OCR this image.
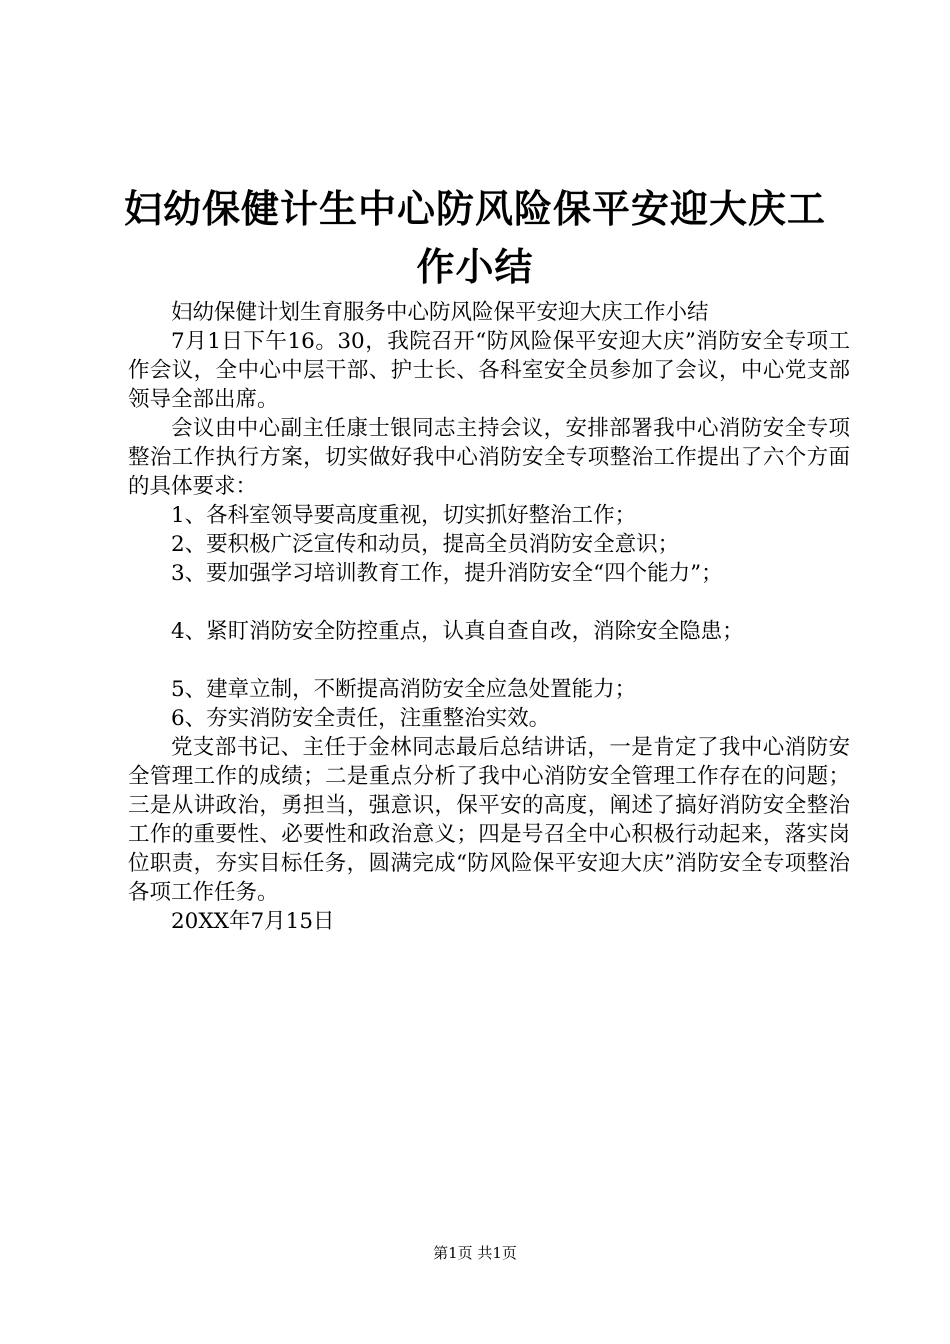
妇幼保健计生中心防风险保平安迎大庆工作小结

妇幼保健计划生育服务中心防风险保平安迎大庆工作小结

7月1日下午16。30，我院召开“防风险保平安迎大庆”消防安全专项工作会议，全中心中层干部、护士长、各科室安全员参加了会议，中心党支部领导全部出席。

会议由中心副主任康士银同志主持会议，安排部署我中心消防安全专项整治工作执行方案，切实做好我中心消防安全专项整治工作提出了六个方面的具体要求：

1、各科室领导要高度重视，切实抓好整治工作；

2、要积极广泛宣传和动员，提高全员消防安全意识；

3、要加强学习培训教育工作，提升消防安全“四个能力”；

4、紧盯消防安全防控重点，认真自查自改，消除安全隐患；

5、建章立制，不断提高消防安全应急处置能力；

6、夯实消防安全责任，注重整治实效。

党支部书记、主任于金林同志最后总结讲话，一是肯定了我中心消防安全管理工作的成绩；二是重点分析了我中心消防安全管理工作存在的问题；三是从讲政治，勇担当，强意识，保平安的高度，阐述了搞好消防安全整治工作的重要性、必要性和政治意义；四是号召全中心积极行动起来，落实岗位职责，夯实目标任务，圆满完成“防风险保平安迎大庆”消防安全专项整治各项工作任务。

20XX年7月15日

第1页 共1页
